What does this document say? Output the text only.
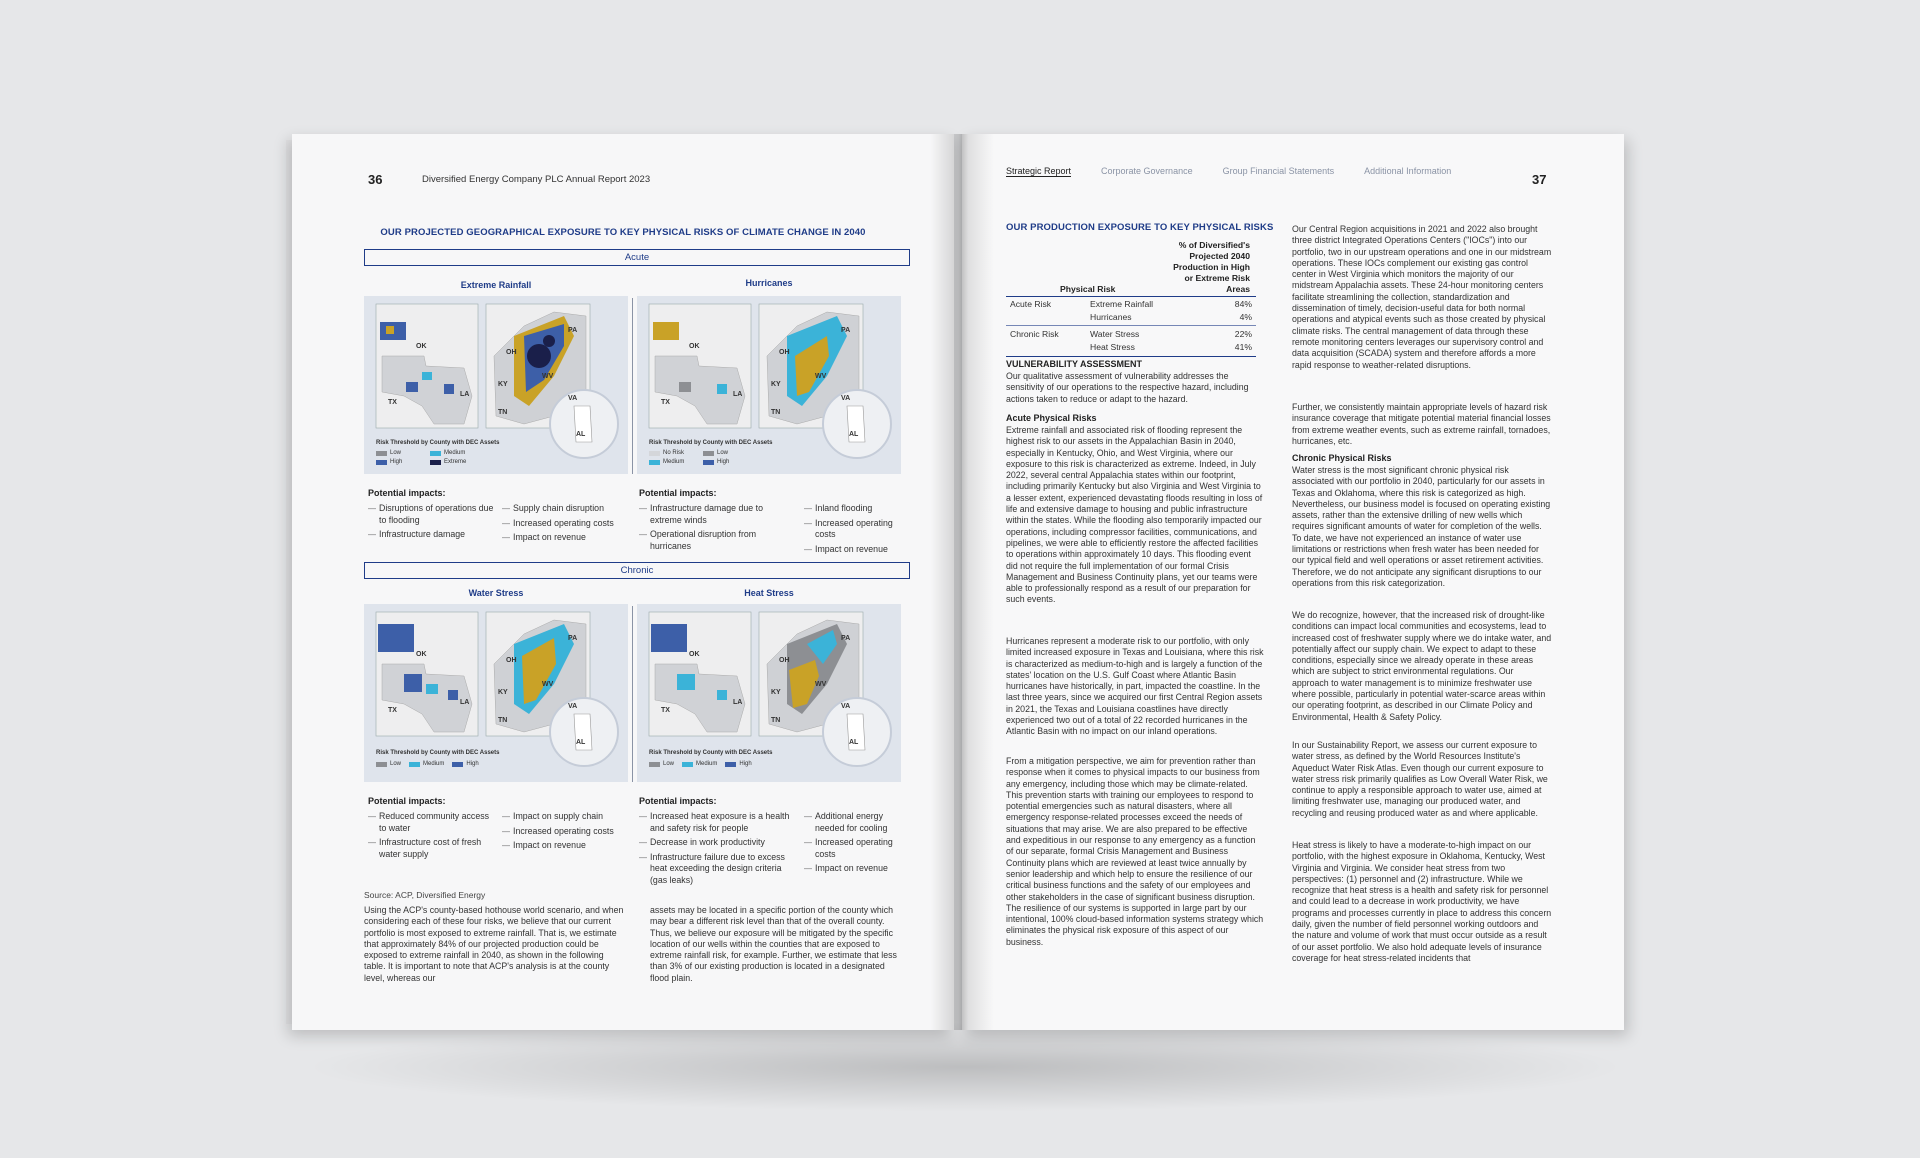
36	Diversified Energy Company PLC Annual Report 2023
OUR PROJECTED GEOGRAPHICAL EXPOSURE TO KEY PHYSICAL RISKS OF CLIMATE CHANGE IN 2040
Acute
Extreme Rainfall	Hurricanes
OK
TX
LA
OH
PA
KY
WV
VA
TN
AL
Risk Threshold by County with DEC Assets
Low	Medium
High	Extreme
OK
TX
LA
OH
PA
KY
WV
VA
TN
AL
Risk Threshold by County with DEC Assets
No Risk	Low
Medium	High
Potential impacts:
— Disruptions of operations due to flooding
— Infrastructure damage
— Supply chain disruption
— Increased operating costs
— Impact on revenue
Potential impacts:
— Infrastructure damage due to extreme winds
— Operational disruption from hurricanes
— Inland flooding
— Increased operating costs
— Impact on revenue
Chronic
Water Stress	Heat Stress
OK
TX
LA
OH
PA
KY
WV
VA
TN
AL
Risk Threshold by County with DEC Assets
Low	Medium	High
OK
TX
LA
OH
PA
KY
WV
VA
TN
AL
Risk Threshold by County with DEC Assets
Low	Medium	High
Potential impacts:
— Reduced community access to water
— Infrastructure cost of fresh water supply
— Impact on supply chain
— Increased operating costs
— Impact on revenue
Potential impacts:
— Increased heat exposure is a health and safety risk for people
— Decrease in work productivity
— Infrastructure failure due to excess heat exceeding the design criteria (gas leaks)
— Additional energy needed for cooling
— Increased operating costs
— Impact on revenue
Source: ACP, Diversified Energy
Using the ACP's county-based hothouse world scenario, and when considering each of these four risks, we believe that our current portfolio is most exposed to extreme rainfall. That is, we estimate that approximately 84% of our projected production could be exposed to extreme rainfall in 2040, as shown in the following table. It is important to note that ACP's analysis is at the county level, whereas our
assets may be located in a specific portion of the county which may bear a different risk level than that of the overall county. Thus, we believe our exposure will be mitigated by the specific location of our wells within the counties that are exposed to extreme rainfall risk, for example. Further, we estimate that less than 3% of our existing production is located in a designated flood plain.
Strategic Report	Corporate Governance	Group Financial Statements	Additional Information
37
OUR PRODUCTION EXPOSURE TO KEY PHYSICAL RISKS
% of Diversified's Projected 2040 Production in High or Extreme Risk Areas
Physical Risk
Acute Risk	Extreme Rainfall	84%
	Hurricanes	4%
Chronic Risk	Water Stress	22%
	Heat Stress	41%
VULNERABILITY ASSESSMENT
Our qualitative assessment of vulnerability addresses the sensitivity of our operations to the respective hazard, including actions taken to reduce or adapt to the hazard.
Acute Physical Risks
Extreme rainfall and associated risk of flooding represent the highest risk to our assets in the Appalachian Basin in 2040, especially in Kentucky, Ohio, and West Virginia, where our exposure to this risk is characterized as extreme. Indeed, in July 2022, several central Appalachia states within our footprint, including primarily Kentucky but also Virginia and West Virginia to a lesser extent, experienced devastating floods resulting in loss of life and extensive damage to housing and public infrastructure within the states. While the flooding also temporarily impacted our operations, including compressor facilities, communications, and pipelines, we were able to efficiently restore the affected facilities to operations within approximately 10 days. This flooding event did not require the full implementation of our formal Crisis Management and Business Continuity plans, yet our teams were able to professionally respond as a result of our preparation for such events.
Hurricanes represent a moderate risk to our portfolio, with only limited increased exposure in Texas and Louisiana, where this risk is characterized as medium-to-high and is largely a function of the states' location on the U.S. Gulf Coast where Atlantic Basin hurricanes have historically, in part, impacted the coastline. In the last three years, since we acquired our first Central Region assets in 2021, the Texas and Louisiana coastlines have directly experienced two out of a total of 22 recorded hurricanes in the Atlantic Basin with no impact on our inland operations.
From a mitigation perspective, we aim for prevention rather than response when it comes to physical impacts to our business from any emergency, including those which may be climate-related. This prevention starts with training our employees to respond to potential emergencies such as natural disasters, where all emergency response-related processes exceed the needs of situations that may arise. We are also prepared to be effective and expeditious in our response to any emergency as a function of our separate, formal Crisis Management and Business Continuity plans which are reviewed at least twice annually by senior leadership and which help to ensure the resilience of our critical business functions and the safety of our employees and other stakeholders in the case of significant business disruption. The resilience of our systems is supported in large part by our intentional, 100% cloud-based information systems strategy which eliminates the physical risk exposure of this aspect of our business.
Our Central Region acquisitions in 2021 and 2022 also brought three district Integrated Operations Centers ("IOCs") into our portfolio, two in our upstream operations and one in our midstream operations. These IOCs complement our existing gas control center in West Virginia which monitors the majority of our midstream Appalachia assets. These 24-hour monitoring centers facilitate streamlining the collection, standardization and dissemination of timely, decision-useful data for both normal operations and atypical events such as those created by physical climate risks. The central management of data through these remote monitoring centers leverages our supervisory control and data acquisition (SCADA) system and therefore affords a more rapid response to weather-related disruptions.
Further, we consistently maintain appropriate levels of hazard risk insurance coverage that mitigate potential material financial losses from extreme weather events, such as extreme rainfall, tornadoes, hurricanes, etc.
Chronic Physical Risks
Water stress is the most significant chronic physical risk associated with our portfolio in 2040, particularly for our assets in Texas and Oklahoma, where this risk is categorized as high. Nevertheless, our business model is focused on operating existing assets, rather than the extensive drilling of new wells which requires significant amounts of water for completion of the wells. To date, we have not experienced an instance of water use limitations or restrictions when fresh water has been needed for our typical field and well operations or asset retirement activities. Therefore, we do not anticipate any significant disruptions to our operations from this risk categorization.
We do recognize, however, that the increased risk of drought-like conditions can impact local communities and ecosystems, lead to increased cost of freshwater supply where we do intake water, and potentially affect our supply chain. We expect to adapt to these conditions, especially since we already operate in these areas which are subject to strict environmental regulations. Our approach to water management is to minimize freshwater use where possible, particularly in potential water-scarce areas within our operating footprint, as described in our Climate Policy and Environmental, Health & Safety Policy.
In our Sustainability Report, we assess our current exposure to water stress, as defined by the World Resources Institute's Aqueduct Water Risk Atlas. Even though our current exposure to water stress risk primarily qualifies as Low Overall Water Risk, we continue to apply a responsible approach to water use, aimed at limiting freshwater use, managing our produced water, and recycling and reusing produced water as and where applicable.
Heat stress is likely to have a moderate-to-high impact on our portfolio, with the highest exposure in Oklahoma, Kentucky, West Virginia and Virginia. We consider heat stress from two perspectives: (1) personnel and (2) infrastructure. While we recognize that heat stress is a health and safety risk for personnel and could lead to a decrease in work productivity, we have programs and processes currently in place to address this concern daily, given the number of field personnel working outdoors and the nature and volume of work that must occur outside as a result of our asset portfolio. We also hold adequate levels of insurance coverage for heat stress-related incidents that
